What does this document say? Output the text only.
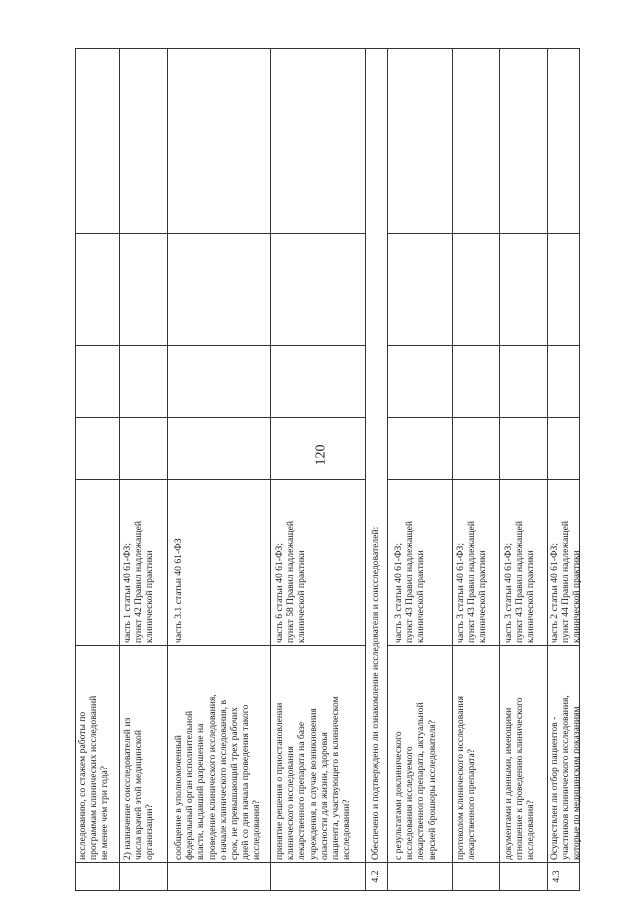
120
исследованию, со стажем работы по
программам клинических исследований
не менее чем три года?
2) назначение соисследователей из
числа врачей этой медицинской
организации?
часть 1 статьи 40 61-ФЗ;
пункт 42 Правил надлежащей
клинической практики
сообщение в уполномоченный
федеральный орган исполнительной
власти, выдавший разрешение на
проведение клинического исследования,
о начале клинического исследования, в
срок, не превышающий трех рабочих
дней со дня начала проведения такого
исследования?
часть 3.1 статьи 40 61-ФЗ
принятие решения о приостановлении
клинического исследования
лекарственного препарата на базе
учреждения, в случае возникновения
опасности для жизни, здоровья
пациента, участвующего в клиническом
исследовании?
часть 6 статьи 40 61-ФЗ;
пункт 58 Правил надлежащей
клинической практики
4.2
Обеспечено и подтверждено ли ознакомление исследователя и соисследователей:	с результатами доклинического
исследования исследуемого
лекарственного препарата, актуальной
версией брошюры исследователя?
часть 3 статьи 40 61-ФЗ;
пункт 43 Правил надлежащей
клинической практики
протоколом клинического исследования
лекарственного препарата?
часть 3 статьи 40 61-ФЗ;
пункт 43 Правил надлежащей
клинической практики
документами и данными, имеющими
отношение к проведению клинического
исследования?
часть 3 статьи 40 61-ФЗ;
пункт 43 Правил надлежащей
клинической практики
4.3
Осуществлен ли отбор пациентов -
участников клинического исследования,
которые по медицинским показаниям
часть 2 статьи 40 61-ФЗ;
пункт 44 Правил надлежащей
клинической практики
